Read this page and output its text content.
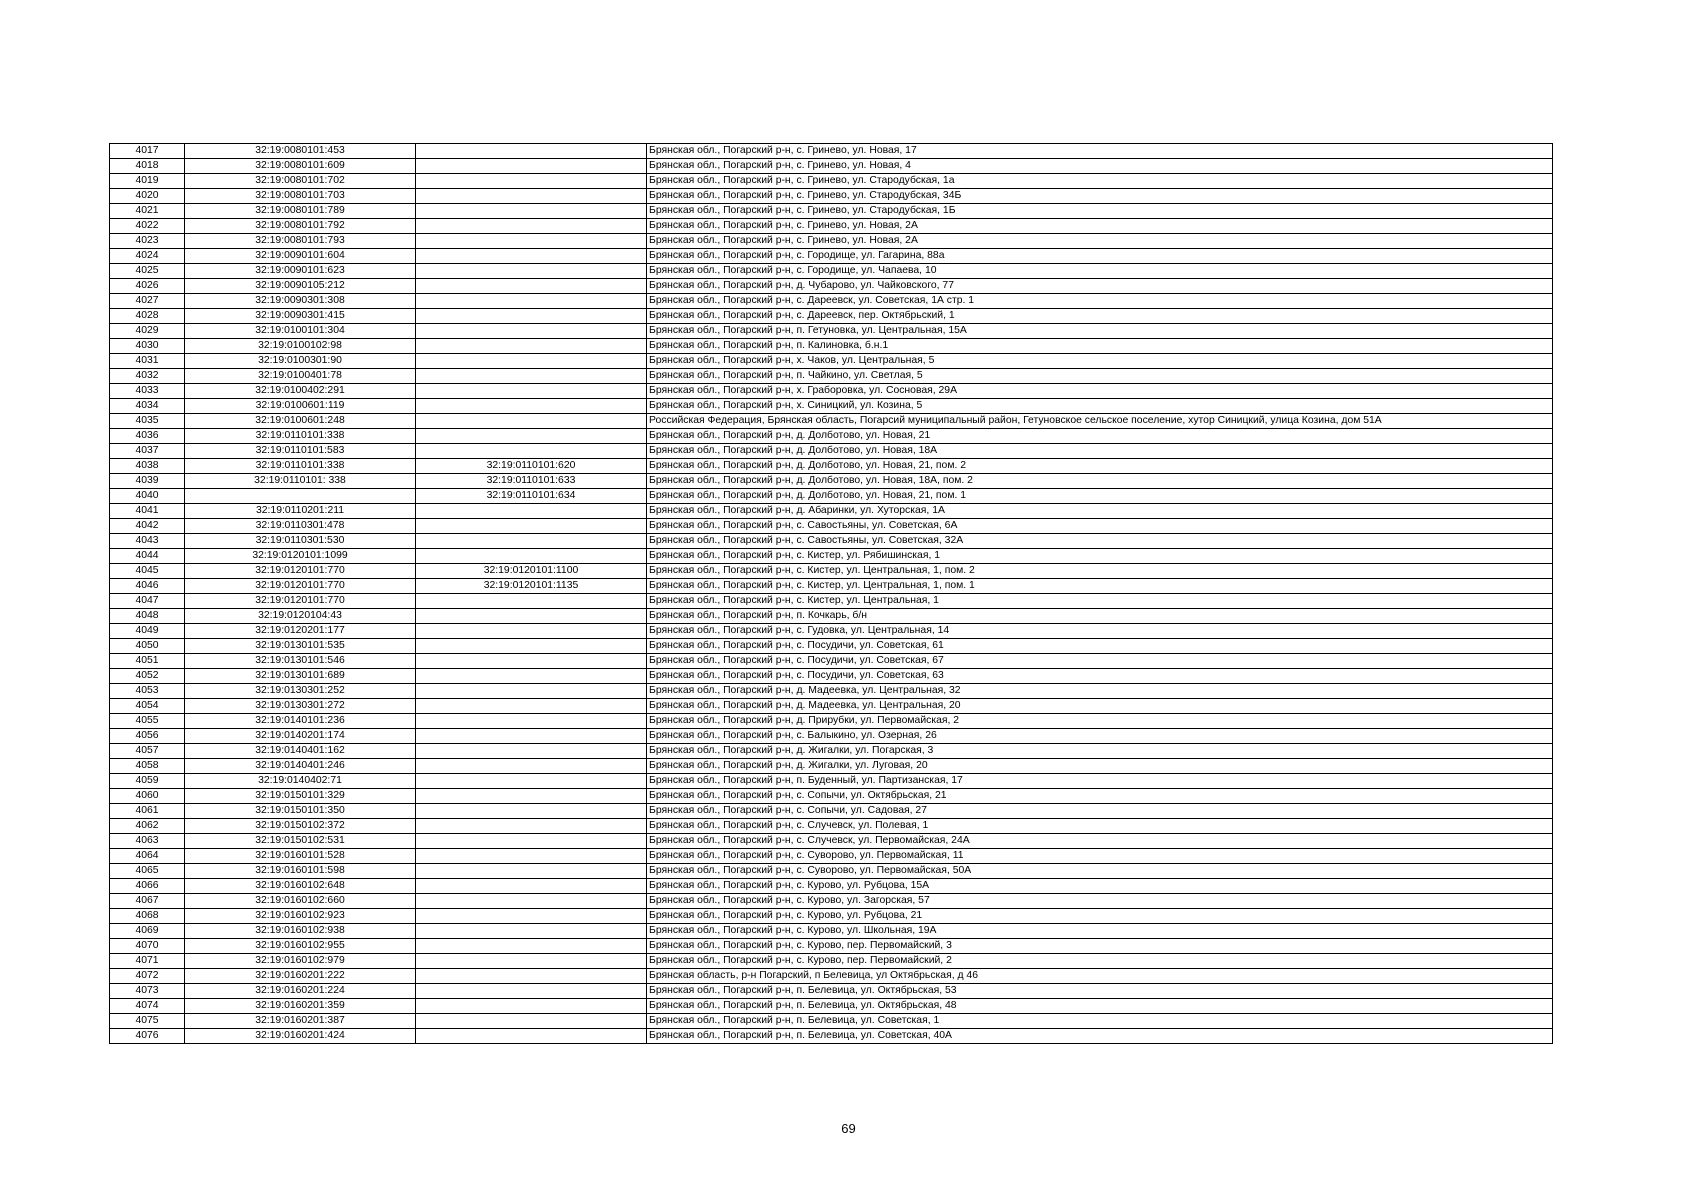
4017	32:19:0080101:453		Брянская обл., Погарский р-н, с. Гринево, ул. Новая, 17
4018	32:19:0080101:609		Брянская обл., Погарский р-н, с. Гринево, ул. Новая, 4
4019	32:19:0080101:702		Брянская обл., Погарский р-н, с. Гринево, ул. Стародубская, 1а
4020	32:19:0080101:703		Брянская обл., Погарский р-н, с. Гринево, ул. Стародубская, 34Б
4021	32:19:0080101:789		Брянская обл., Погарский р-н, с. Гринево, ул. Стародубская, 1Б
4022	32:19:0080101:792		Брянская обл., Погарский р-н, с. Гринево, ул. Новая, 2А
4023	32:19:0080101:793		Брянская обл., Погарский р-н, с. Гринево, ул. Новая, 2А
4024	32:19:0090101:604		Брянская обл., Погарский р-н, с. Городище, ул. Гагарина, 88а
4025	32:19:0090101:623		Брянская обл., Погарский р-н, с. Городище, ул. Чапаева, 10
4026	32:19:0090105:212		Брянская обл., Погарский р-н, д. Чубарово, ул. Чайковского, 77
4027	32:19:0090301:308		Брянская обл., Погарский р-н, с. Дареевск, ул. Советская, 1А стр. 1
4028	32:19:0090301:415		Брянская обл., Погарский р-н, с. Дареевск, пер. Октябрьский, 1
4029	32:19:0100101:304		Брянская обл., Погарский р-н, п. Гетуновка, ул. Центральная, 15А
4030	32:19:0100102:98		Брянская обл., Погарский р-н, п. Калиновка, б.н.1
4031	32:19:0100301:90		Брянская обл., Погарский р-н, х. Чаков, ул. Центральная, 5
4032	32:19:0100401:78		Брянская обл., Погарский р-н, п. Чайкино, ул. Светлая, 5
4033	32:19:0100402:291		Брянская обл., Погарский р-н, х. Граборовка, ул. Сосновая, 29А
4034	32:19:0100601:119		Брянская обл., Погарский р-н, х. Синицкий, ул. Козина, 5
4035	32:19:0100601:248		Российская Федерация, Брянская область, Погарсий муниципальный район, Гетуновское сельское поселение, хутор Синицкий, улица Козина, дом 51А
4036	32:19:0110101:338		Брянская обл., Погарский р-н, д. Долботово, ул. Новая, 21
4037	32:19:0110101:583		Брянская обл., Погарский р-н, д. Долботово, ул. Новая, 18А
4038	32:19:0110101:338	32:19:0110101:620	Брянская обл., Погарский р-н, д. Долботово, ул. Новая, 21, пом. 2
4039	32:19:0110101: 338	32:19:0110101:633	Брянская обл., Погарский р-н, д. Долботово, ул. Новая, 18А, пом. 2
4040		32:19:0110101:634	Брянская обл., Погарский р-н, д. Долботово, ул. Новая, 21, пом. 1
4041	32:19:0110201:211		Брянская обл., Погарский р-н, д. Абаринки, ул. Хуторская, 1А
4042	32:19:0110301:478		Брянская обл., Погарский р-н, с. Савостьяны, ул. Советская, 6А
4043	32:19:0110301:530		Брянская обл., Погарский р-н, с. Савостьяны, ул. Советская, 32А
4044	32:19:0120101:1099		Брянская обл., Погарский р-н, с. Кистер, ул. Рябишинская, 1
4045	32:19:0120101:770	32:19:0120101:1100	Брянская обл., Погарский р-н, с. Кистер, ул. Центральная, 1, пом. 2
4046	32:19:0120101:770	32:19:0120101:1135	Брянская обл., Погарский р-н, с. Кистер, ул. Центральная, 1, пом. 1
4047	32:19:0120101:770		Брянская обл., Погарский р-н, с. Кистер, ул. Центральная, 1
4048	32:19:0120104:43		Брянская обл., Погарский р-н, п. Кочкарь, б/н
4049	32:19:0120201:177		Брянская обл., Погарский р-н, с. Гудовка, ул. Центральная, 14
4050	32:19:0130101:535		Брянская обл., Погарский р-н, с. Посудичи, ул. Советская, 61
4051	32:19:0130101:546		Брянская обл., Погарский р-н, с. Посудичи, ул. Советская, 67
4052	32:19:0130101:689		Брянская обл., Погарский р-н, с. Посудичи, ул. Советская, 63
4053	32:19:0130301:252		Брянская обл., Погарский р-н, д. Мадеевка, ул. Центральная, 32
4054	32:19:0130301:272		Брянская обл., Погарский р-н, д. Мадеевка, ул. Центральная, 20
4055	32:19:0140101:236		Брянская обл., Погарский р-н, д. Прирубки, ул. Первомайская, 2
4056	32:19:0140201:174		Брянская обл., Погарский р-н, с. Балыкино, ул. Озерная, 26
4057	32:19:0140401:162		Брянская обл., Погарский р-н, д. Жигалки, ул. Погарская, 3
4058	32:19:0140401:246		Брянская обл., Погарский р-н, д. Жигалки, ул. Луговая, 20
4059	32:19:0140402:71		Брянская обл., Погарский р-н, п. Буденный, ул. Партизанская, 17
4060	32:19:0150101:329		Брянская обл., Погарский р-н, с. Сопычи, ул. Октябрьская, 21
4061	32:19:0150101:350		Брянская обл., Погарский р-н, с. Сопычи, ул. Садовая, 27
4062	32:19:0150102:372		Брянская обл., Погарский р-н, с. Случевск, ул. Полевая, 1
4063	32:19:0150102:531		Брянская обл., Погарский р-н, с. Случевск, ул. Первомайская, 24А
4064	32:19:0160101:528		Брянская обл., Погарский р-н, с. Суворово, ул. Первомайская, 11
4065	32:19:0160101:598		Брянская обл., Погарский р-н, с. Суворово, ул. Первомайская, 50А
4066	32:19:0160102:648		Брянская обл., Погарский р-н, с. Курово, ул. Рубцова, 15А
4067	32:19:0160102:660		Брянская обл., Погарский р-н, с. Курово, ул. Загорская, 57
4068	32:19:0160102:923		Брянская обл., Погарский р-н, с. Курово, ул. Рубцова, 21
4069	32:19:0160102:938		Брянская обл., Погарский р-н, с. Курово, ул. Школьная, 19А
4070	32:19:0160102:955		Брянская обл., Погарский р-н, с. Курово, пер. Первомайский, 3
4071	32:19:0160102:979		Брянская обл., Погарский р-н, с. Курово, пер. Первомайский, 2
4072	32:19:0160201:222		Брянская область, р-н Погарский, п Белевица, ул Октябрьская, д 46
4073	32:19:0160201:224		Брянская обл., Погарский р-н, п. Белевица, ул. Октябрьская, 53
4074	32:19:0160201:359		Брянская обл., Погарский р-н, п. Белевица, ул. Октябрьская, 48
4075	32:19:0160201:387		Брянская обл., Погарский р-н, п. Белевица, ул. Советская, 1
4076	32:19:0160201:424		Брянская обл., Погарский р-н, п. Белевица, ул. Советская, 40А
69
